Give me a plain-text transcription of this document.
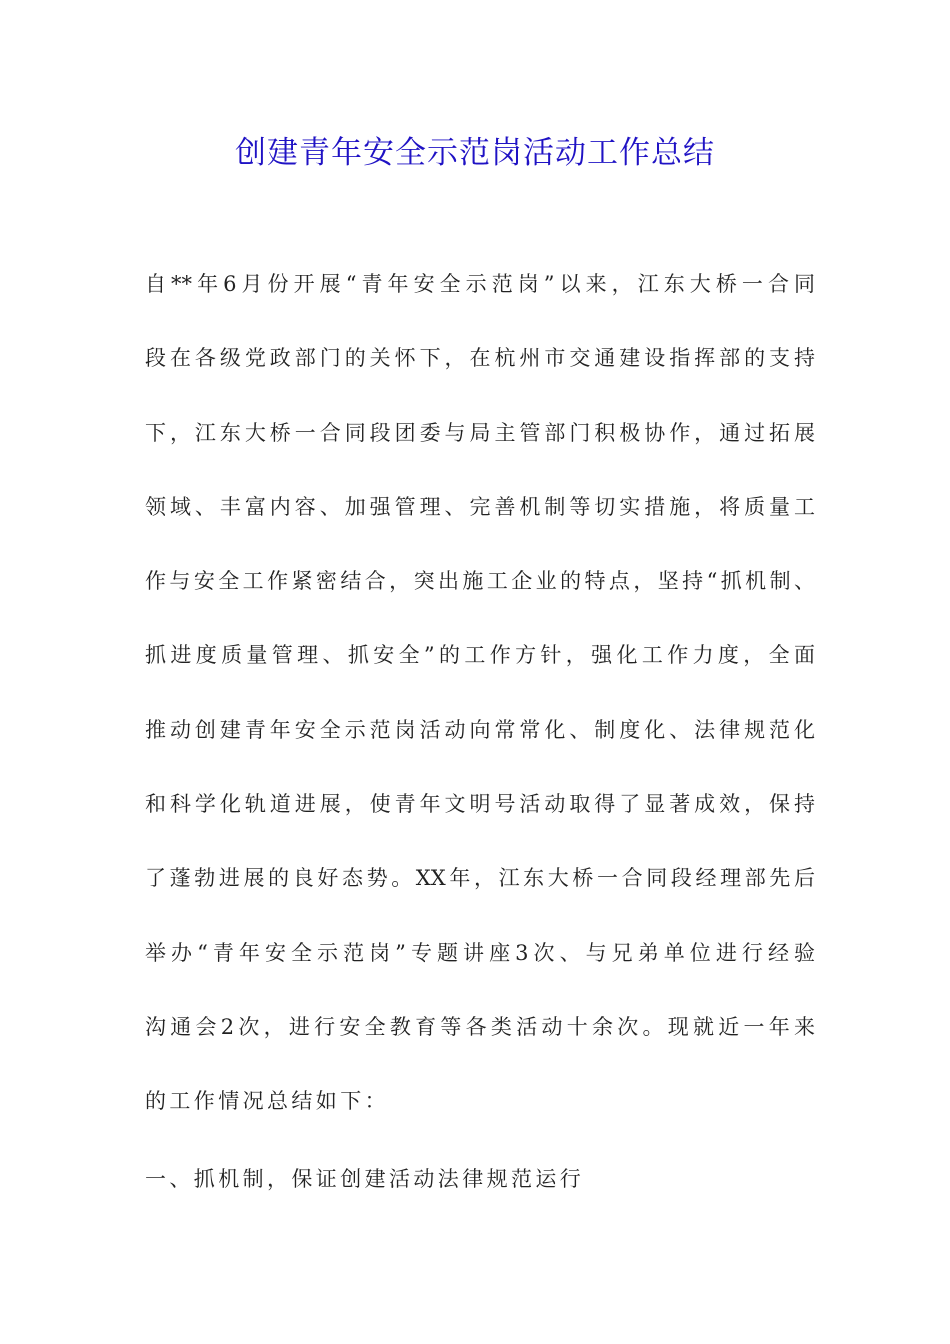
创建青年安全示范岗活动工作总结
自**年6月份开展“青年安全示范岗”以来，江东大桥一合同
段在各级党政部门的关怀下，在杭州市交通建设指挥部的支持
下，江东大桥一合同段团委与局主管部门积极协作，通过拓展
领域、丰富内容、加强管理、完善机制等切实措施，将质量工
作与安全工作紧密结合，突出施工企业的特点，坚持“抓机制、
抓进度质量管理、抓安全”的工作方针，强化工作力度，全面
推动创建青年安全示范岗活动向常常化、制度化、法律规范化
和科学化轨道进展，使青年文明号活动取得了显著成效，保持
了蓬勃进展的良好态势。XX年，江东大桥一合同段经理部先后
举办“青年安全示范岗”专题讲座3次、与兄弟单位进行经验
沟通会2次，进行安全教育等各类活动十余次。现就近一年来
的工作情况总结如下：
一、抓机制，保证创建活动法律规范运行
